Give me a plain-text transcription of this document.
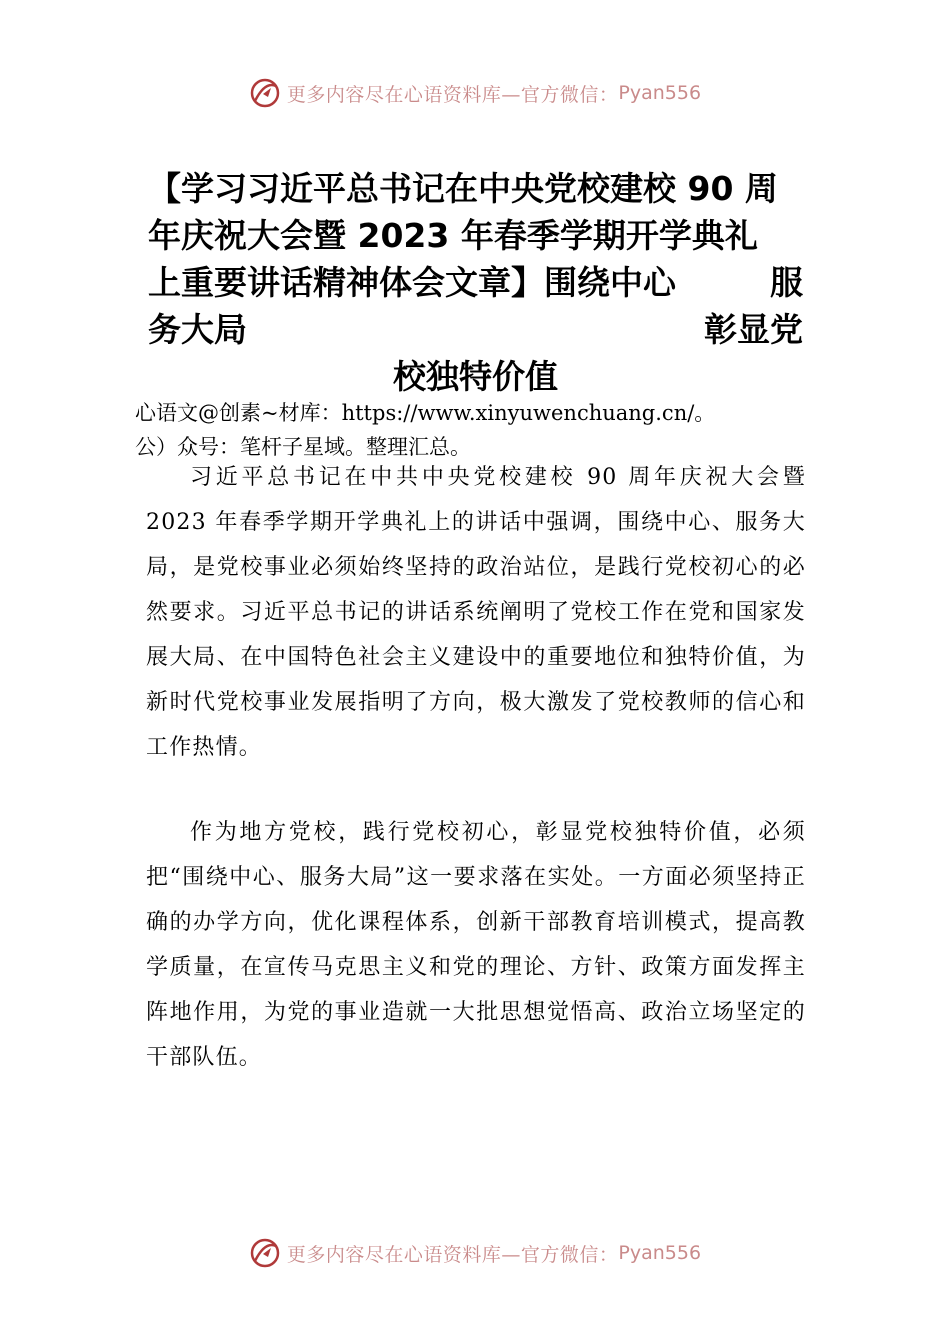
更多内容尽在心语资料库—官方微信： Pyan556
【学习习近平总书记在中央党校建校 90 周
年庆祝大会暨 2023 年春季学期开学典礼
上重要讲话精神体会文章】围绕中心	服
务大局	彰显党
校独特价值

心语文@创素~材库：https://www.xinyuwenchuang.cn/。
公）众号：笔杆子星域。整理汇总。

习近平总书记在中共中央党校建校 90 周年庆祝大会暨 2023 年春季学期开学典礼上的讲话中强调，围绕中心、服务大局，是党校事业必须始终坚持的政治站位，是践行党校初心的必然要求。习近平总书记的讲话系统阐明了党校工作在党和国家发展大局、在中国特色社会主义建设中的重要地位和独特价值，为新时代党校事业发展指明了方向，极大激发了党校教师的信心和工作热情。

作为地方党校，践行党校初心，彰显党校独特价值，必须把“围绕中心、服务大局”这一要求落在实处。一方面必须坚持正确的办学方向，优化课程体系，创新干部教育培训模式，提高教学质量，在宣传马克思主义和党的理论、方针、政策方面发挥主阵地作用，为党的事业造就一大批思想觉悟高、政治立场坚定的干部队伍。

更多内容尽在心语资料库—官方微信： Pyan556
